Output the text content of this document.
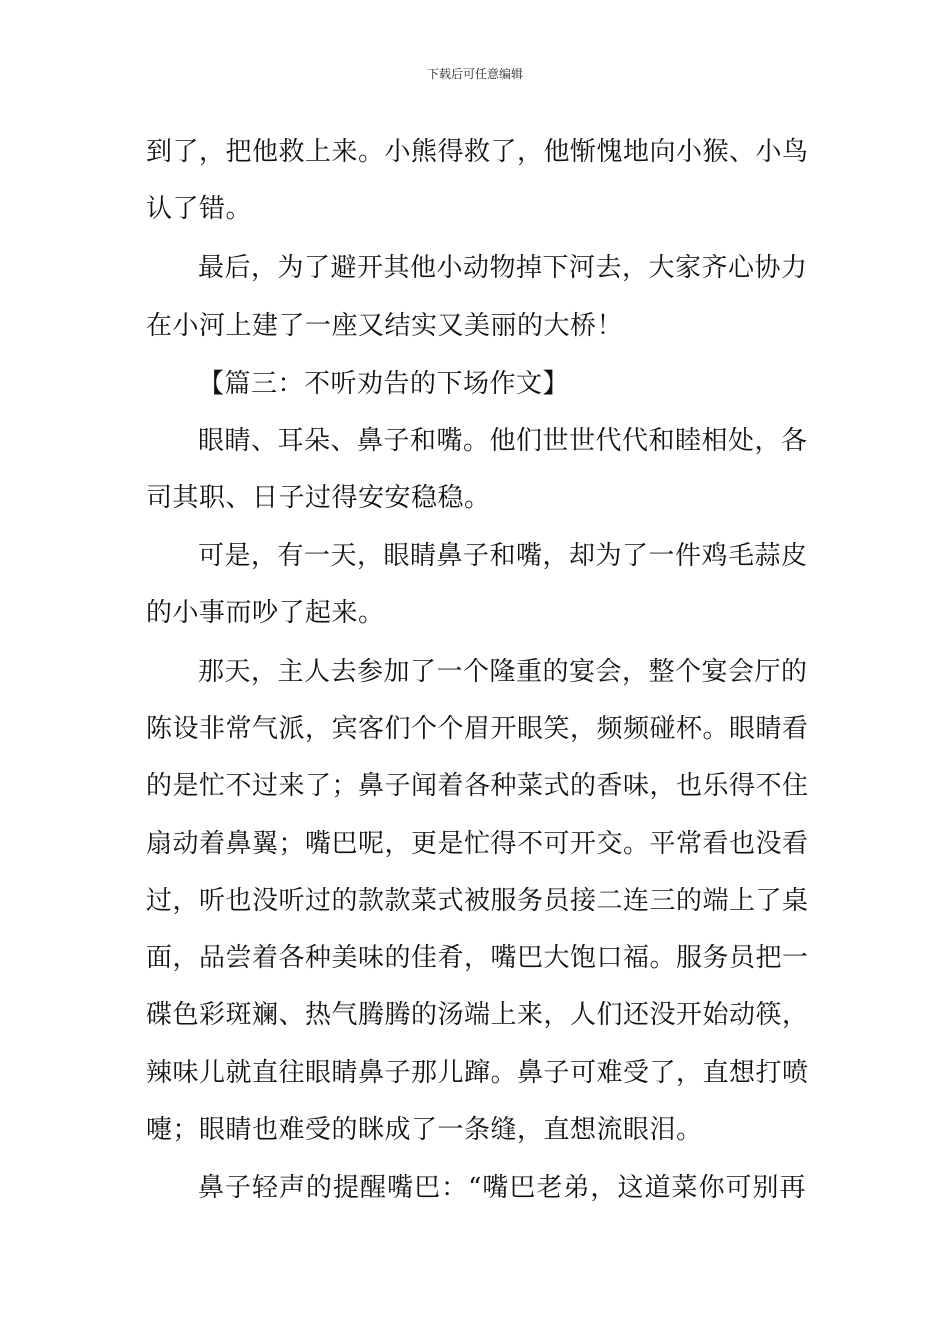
下载后可任意编辑
到了，把他救上来。小熊得救了，他惭愧地向小猴、小鸟
认了错。
最后，为了避开其他小动物掉下河去，大家齐心协力
在小河上建了一座又结实又美丽的大桥！
【篇三：不听劝告的下场作文】
眼睛、耳朵、鼻子和嘴。他们世世代代和睦相处，各
司其职、日子过得安安稳稳。
可是，有一天，眼睛鼻子和嘴，却为了一件鸡毛蒜皮
的小事而吵了起来。
那天，主人去参加了一个隆重的宴会，整个宴会厅的
陈设非常气派，宾客们个个眉开眼笑，频频碰杯。眼睛看
的是忙不过来了；鼻子闻着各种菜式的香味，也乐得不住
扇动着鼻翼；嘴巴呢，更是忙得不可开交。平常看也没看
过，听也没听过的款款菜式被服务员接二连三的端上了桌
面，品尝着各种美味的佳肴，嘴巴大饱口福。服务员把一
碟色彩斑斓、热气腾腾的汤端上来，人们还没开始动筷，
辣味儿就直往眼睛鼻子那儿蹿。鼻子可难受了，直想打喷
嚏；眼睛也难受的眯成了一条缝，直想流眼泪。
鼻子轻声的提醒嘴巴：“嘴巴老弟，这道菜你可别再
